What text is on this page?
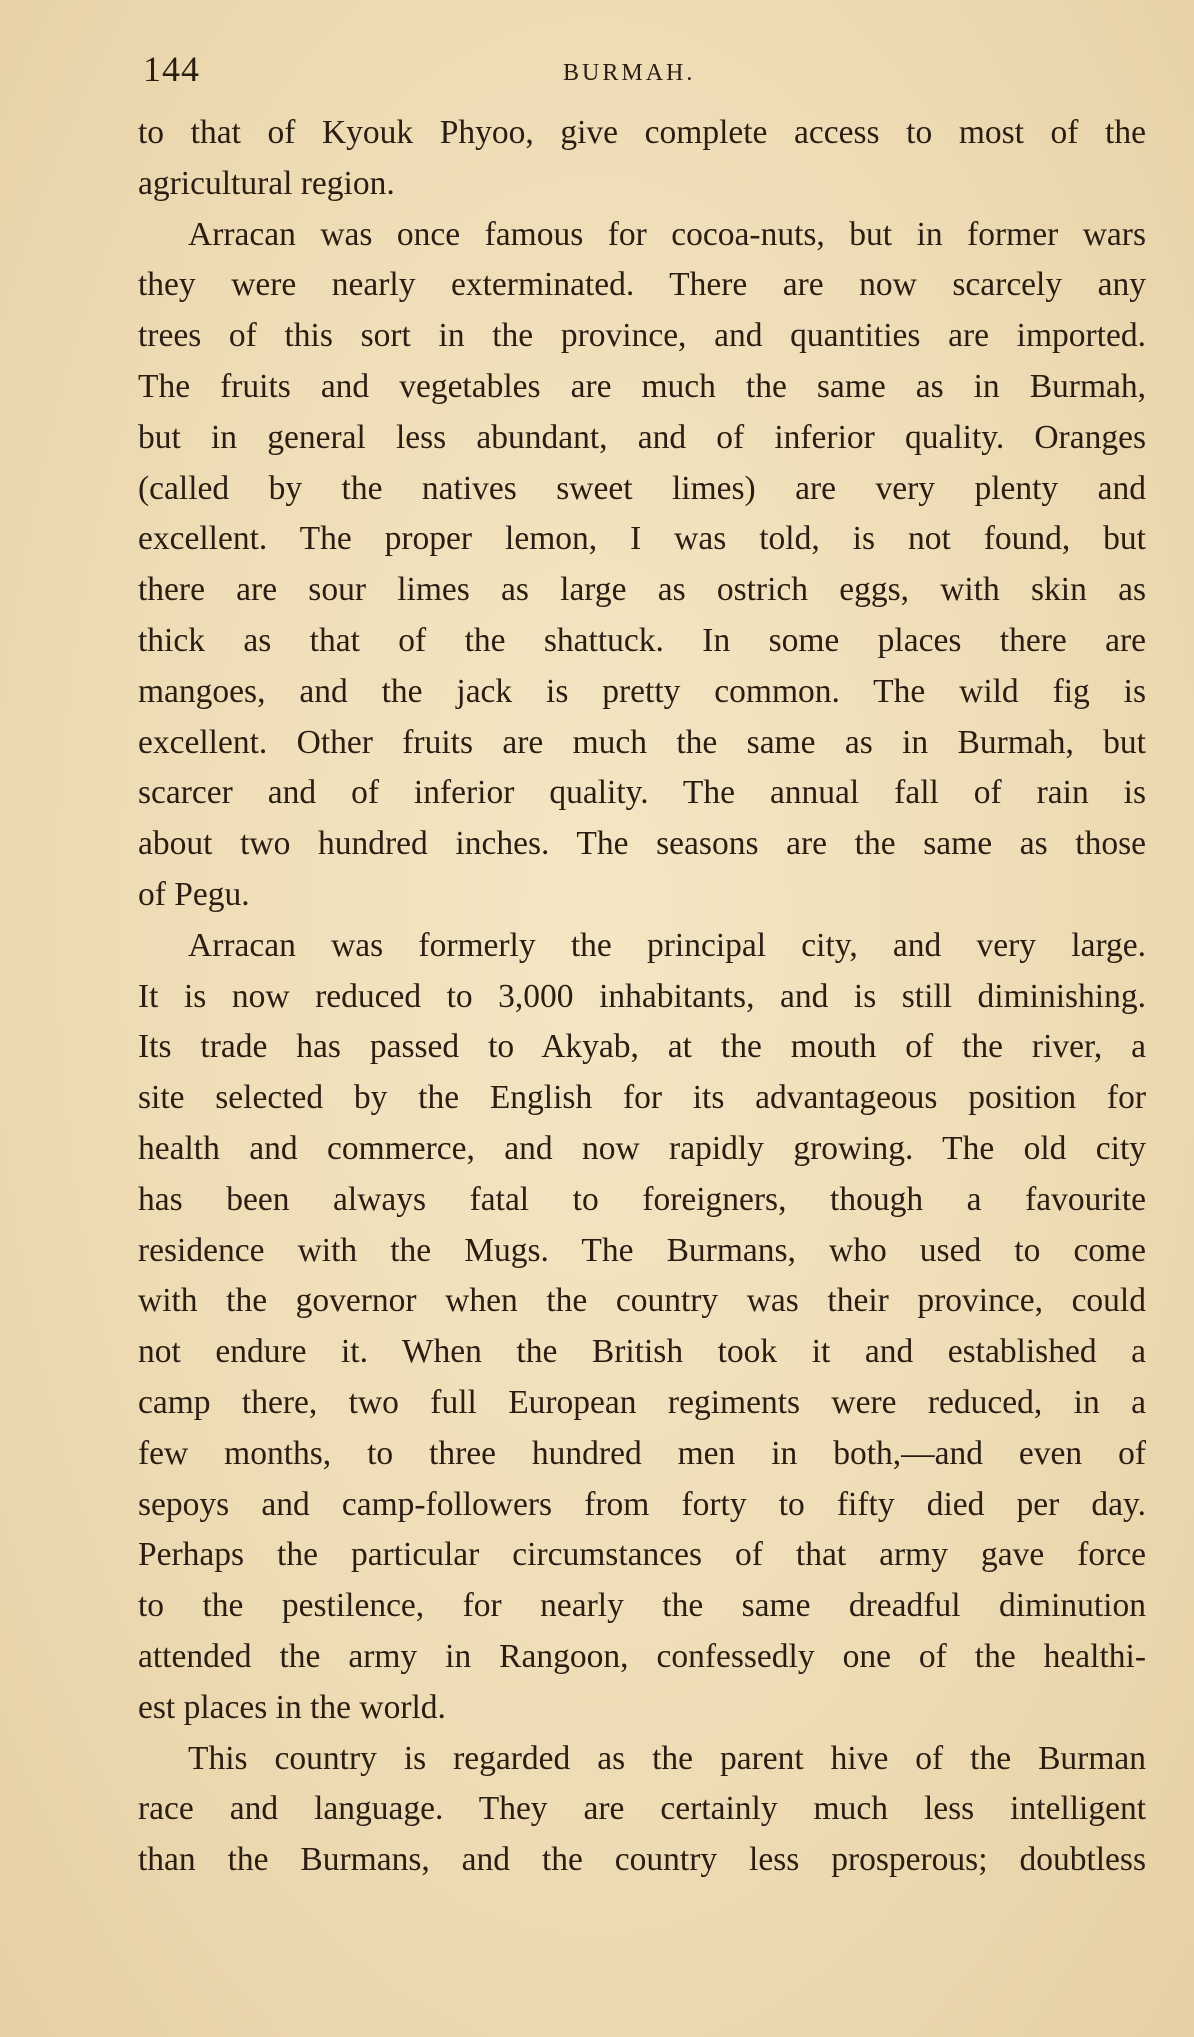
144	BURMAH.
to that of Kyouk Phyoo, give complete access to most of the
agricultural region.
Arracan was once famous for cocoa-nuts, but in former wars
they were nearly exterminated. There are now scarcely any
trees of this sort in the province, and quantities are imported.
The fruits and vegetables are much the same as in Burmah,
but in general less abundant, and of inferior quality. Oranges
(called by the natives sweet limes) are very plenty and
excellent. The proper lemon, I was told, is not found, but
there are sour limes as large as ostrich eggs, with skin as
thick as that of the shattuck. In some places there are
mangoes, and the jack is pretty common. The wild fig is
excellent. Other fruits are much the same as in Burmah, but
scarcer and of inferior quality. The annual fall of rain is
about two hundred inches. The seasons are the same as those
of Pegu.
Arracan was formerly the principal city, and very large.
It is now reduced to 3,000 inhabitants, and is still diminishing.
Its trade has passed to Akyab, at the mouth of the river, a
site selected by the English for its advantageous position for
health and commerce, and now rapidly growing. The old city
has been always fatal to foreigners, though a favourite
residence with the Mugs. The Burmans, who used to come
with the governor when the country was their province, could
not endure it. When the British took it and established a
camp there, two full European regiments were reduced, in a
few months, to three hundred men in both,—and even of
sepoys and camp-followers from forty to fifty died per day.
Perhaps the particular circumstances of that army gave force
to the pestilence, for nearly the same dreadful diminution
attended the army in Rangoon, confessedly one of the healthi-
est places in the world.
This country is regarded as the parent hive of the Burman
race and language. They are certainly much less intelligent
than the Burmans, and the country less prosperous; doubtless
